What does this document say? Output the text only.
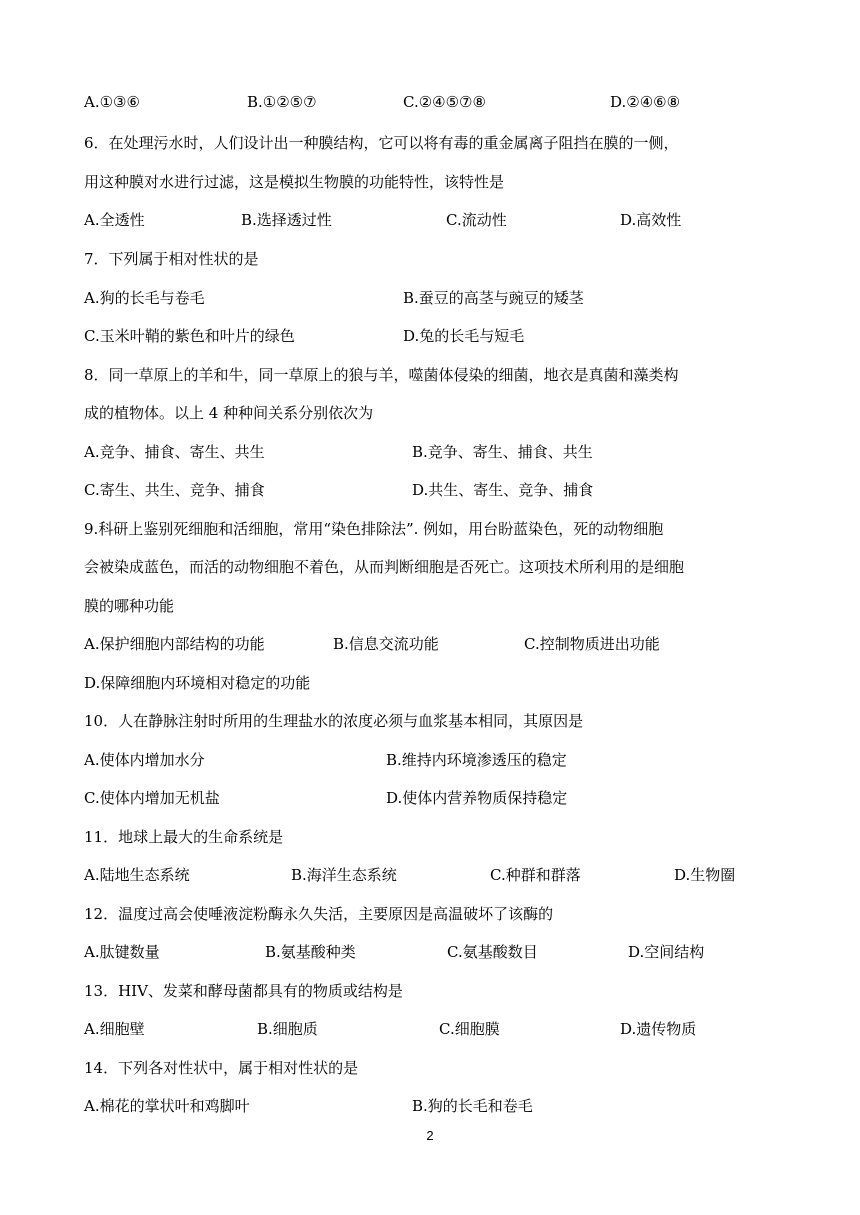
A.①③⑥	B.①②⑤⑦	C.②④⑤⑦⑧	D.②④⑥⑧
6．在处理污水时，人们设计出一种膜结构，它可以将有毒的重金属离子阻挡在膜的一侧，
用这种膜对水进行过滤，这是模拟生物膜的功能特性，该特性是
A.全透性	B.选择透过性	C.流动性	D.高效性
7．下列属于相对性状的是
A.狗的长毛与卷毛	B.蚕豆的高茎与豌豆的矮茎
C.玉米叶鞘的紫色和叶片的绿色	D.兔的长毛与短毛
8．同一草原上的羊和牛，同一草原上的狼与羊，噬菌体侵染的细菌，地衣是真菌和藻类构
成的植物体。以上 4 种种间关系分别依次为
A.竞争、捕食、寄生、共生	B.竞争、寄生、捕食、共生
C.寄生、共生、竞争、捕食	D.共生、寄生、竞争、捕食
9.科研上鉴别死细胞和活细胞，常用“染色排除法”. 例如，用台盼蓝染色，死的动物细胞
会被染成蓝色，而活的动物细胞不着色，从而判断细胞是否死亡。这项技术所利用的是细胞
膜的哪种功能
A.保护细胞内部结构的功能	B.信息交流功能	C.控制物质进出功能
D.保障细胞内环境相对稳定的功能
10．人在静脉注射时所用的生理盐水的浓度必须与血浆基本相同，其原因是
A.使体内增加水分	B.维持内环境渗透压的稳定
C.使体内增加无机盐	D.使体内营养物质保持稳定
11．地球上最大的生命系统是
A.陆地生态系统	B.海洋生态系统	C.种群和群落	D.生物圈
12．温度过高会使唾液淀粉酶永久失活，主要原因是高温破坏了该酶的
A.肽键数量	B.氨基酸种类	C.氨基酸数目	D.空间结构
13．HIV、发菜和酵母菌都具有的物质或结构是
A.细胞壁	B.细胞质	C.细胞膜	D.遗传物质
14．下列各对性状中，属于相对性状的是
A.棉花的掌状叶和鸡脚叶	B.狗的长毛和卷毛
2
